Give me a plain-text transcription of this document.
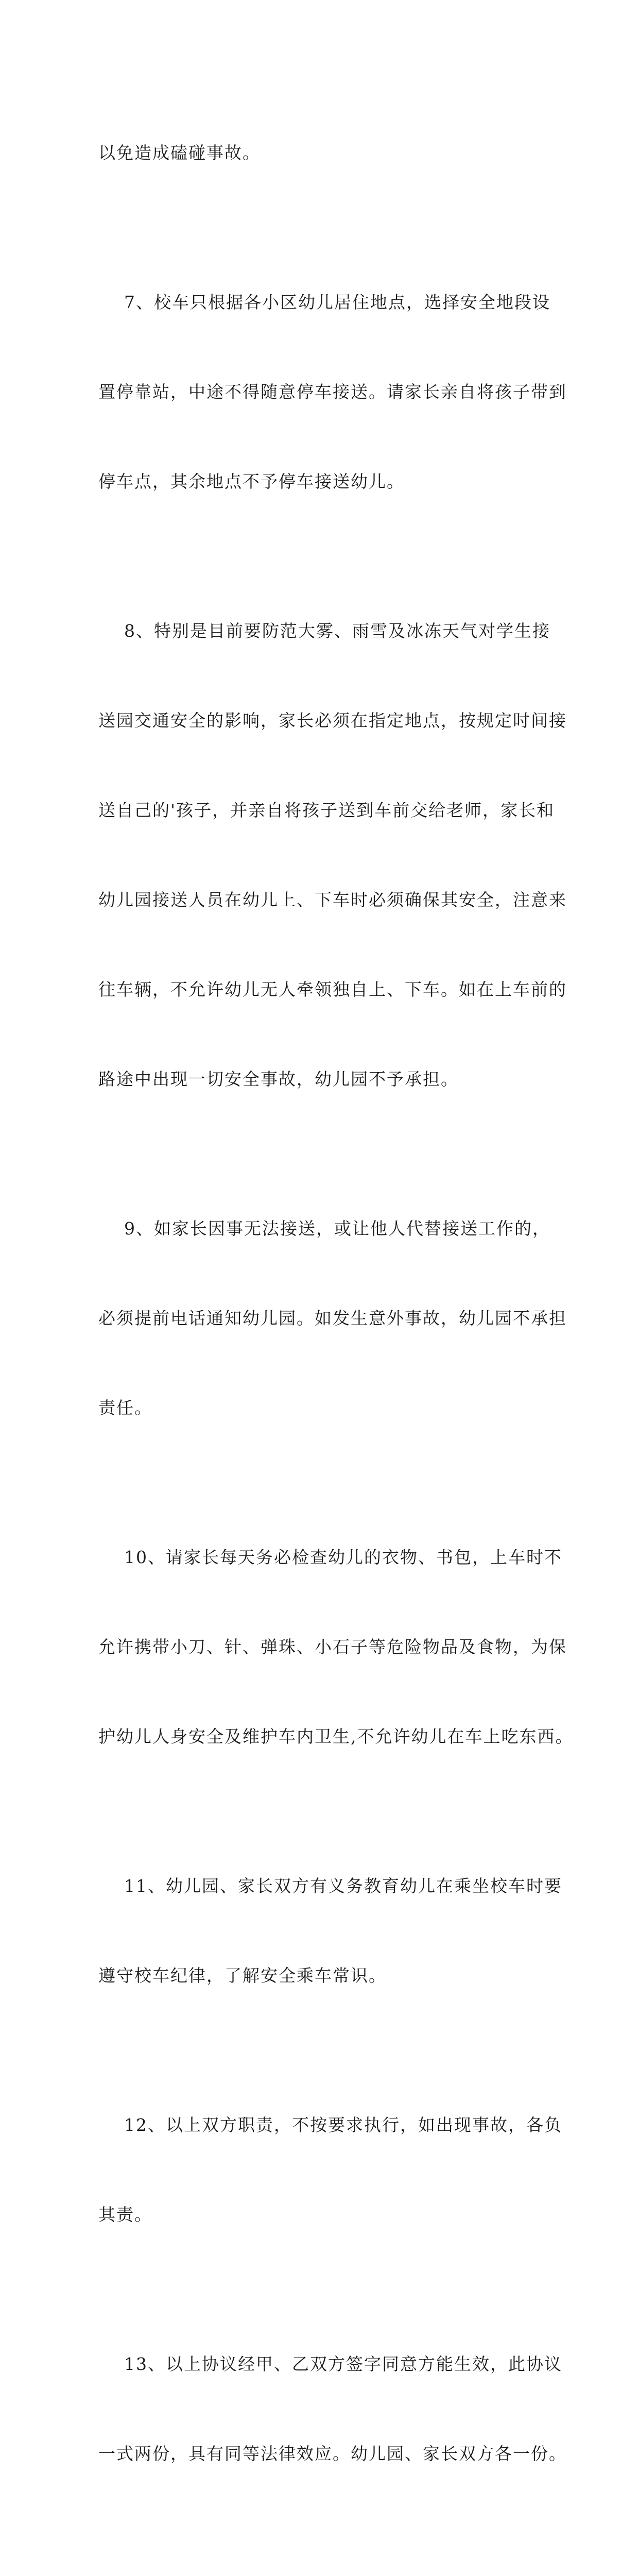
以免造成磕碰事故。

7、校车只根据各小区幼儿居住地点，选择安全地段设

置停靠站，中途不得随意停车接送。请家长亲自将孩子带到

停车点，其余地点不予停车接送幼儿。

8、特别是目前要防范大雾、雨雪及冰冻天气对学生接

送园交通安全的影响，家长必须在指定地点，按规定时间接

送自己的'孩子，并亲自将孩子送到车前交给老师，家长和

幼儿园接送人员在幼儿上、下车时必须确保其安全，注意来

往车辆，不允许幼儿无人牵领独自上、下车。如在上车前的

路途中出现一切安全事故，幼儿园不予承担。

9、如家长因事无法接送，或让他人代替接送工作的，

必须提前电话通知幼儿园。如发生意外事故，幼儿园不承担

责任。

10、请家长每天务必检查幼儿的衣物、书包，上车时不

允许携带小刀、针、弹珠、小石子等危险物品及食物，为保

护幼儿人身安全及维护车内卫生,不允许幼儿在车上吃东西。

11、幼儿园、家长双方有义务教育幼儿在乘坐校车时要

遵守校车纪律，了解安全乘车常识。

12、以上双方职责，不按要求执行，如出现事故，各负

其责。

13、以上协议经甲、乙双方签字同意方能生效，此协议

一式两份，具有同等法律效应。幼儿园、家长双方各一份。
